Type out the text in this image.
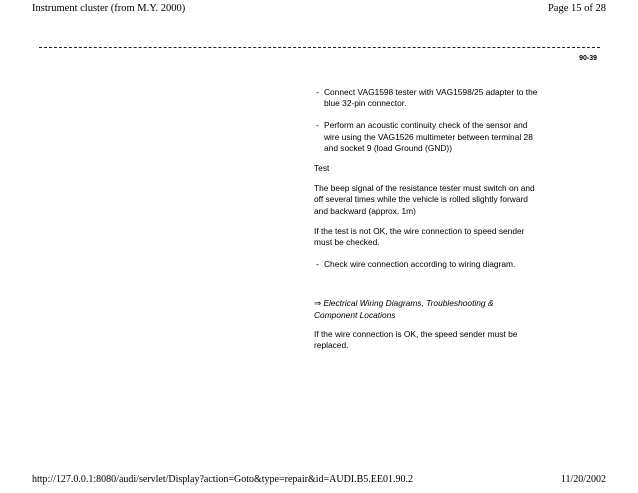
Instrument cluster (from M.Y. 2000)	Page 15 of 28
90-39
- Connect VAG1598 tester with VAG1598/25 adapter to the blue 32-pin connector.
- Perform an acoustic continuity check of the sensor and wire using the VAG1526 multimeter between terminal 28 and socket 9 (load Ground (GND))

Test

The beep signal of the resistance tester must switch on and off several times while the vehicle is rolled slightly forward and backward (approx. 1m)

If the test is not OK, the wire connection to speed sender must be checked.

- Check wire connection according to wiring diagram.

⇒ Electrical Wiring Diagrams, Troubleshooting & Component Locations

If the wire connection is OK, the speed sender must be replaced.

http://127.0.0.1:8080/audi/servlet/Display?action=Goto&type=repair&id=AUDI.B5.EE01.90.2	11/20/2002
